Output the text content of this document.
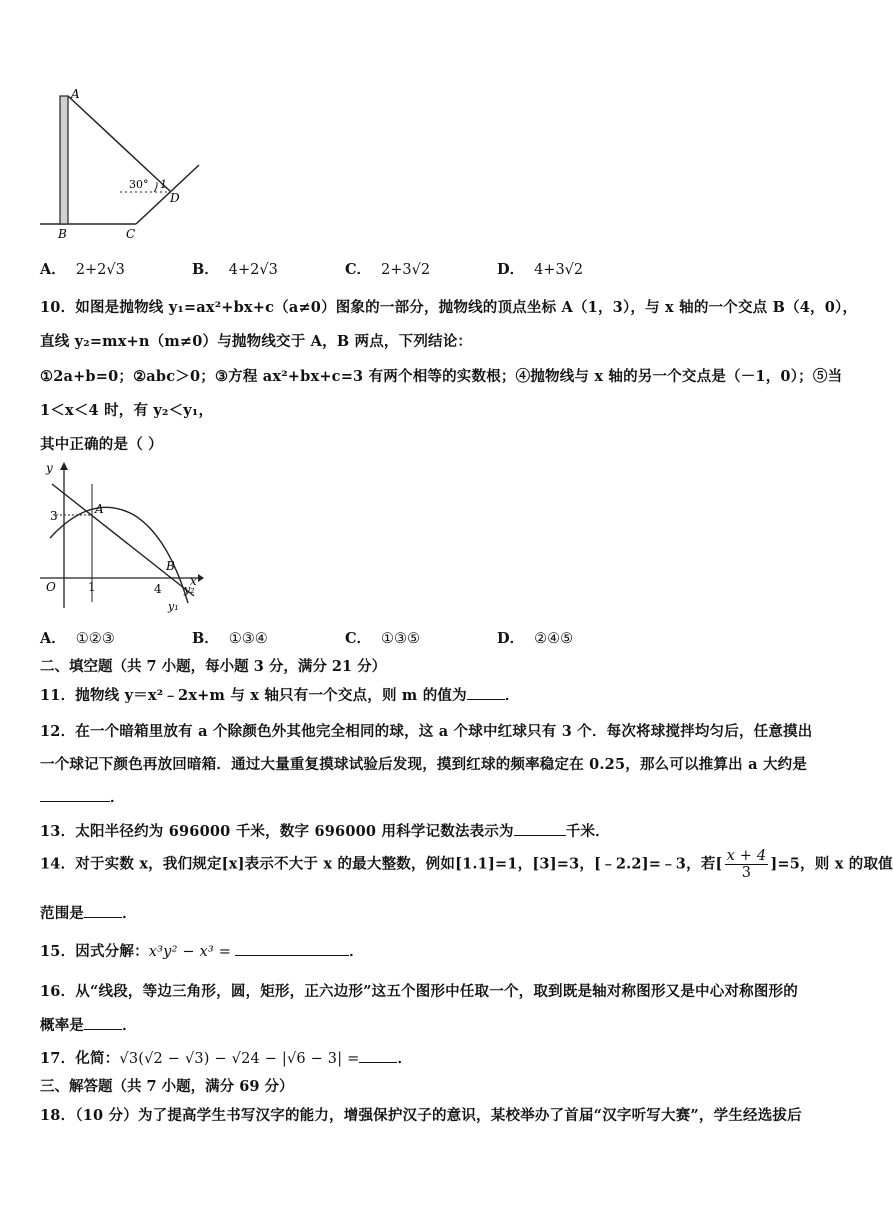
A
B	C
D
30° 1
A． 2+2√3	B． 4+2√3	C． 2+3√2	D． 4+3√2
10．如图是抛物线 y₁=ax²+bx+c（a≠0）图象的一部分，抛物线的顶点坐标 A（1，3），与 x 轴的一个交点 B（4，0），
直线 y₂=mx+n（m≠0）与抛物线交于 A，B 两点，下列结论：
①2a+b=0；②abc＞0；③方程 ax²+bx+c=3 有两个相等的实数根；④抛物线与 x 轴的另一个交点是（－1，0）；⑤当
1＜x＜4 时，有 y₂＜y₁，
其中正确的是（ ）
y
x
O	1	4
3	A
B
y₁
y₂
A． ①②③	B． ①③④	C． ①③⑤	D． ②④⑤
二、填空题（共 7 小题，每小题 3 分，满分 21 分）
11．抛物线 y＝x²﹣2x+m 与 x 轴只有一个交点，则 m 的值为	．
12．在一个暗箱里放有 a 个除颜色外其他完全相同的球，这 a 个球中红球只有 3 个．每次将球搅拌均匀后，任意摸出
一个球记下颜色再放回暗箱．通过大量重复摸球试验后发现，摸到红球的频率稳定在 0.25，那么可以推算出 a 大约是
．
13．太阳半径约为 696000 千米，数字 696000 用科学记数法表示为	千米．
14．对于实数 x，我们规定[x]表示不大于 x 的最大整数，例如[1.1]=1，[3]=3，[﹣2.2]=﹣3，若[ $\frac{x + 4}{3} ]=5$，则 x 的取值
范围是	．
15．因式分解：x³y² − x³ =	．
16．从“线段，等边三角形，圆，矩形，正六边形”这五个图形中任取一个，取到既是轴对称图形又是中心对称图形的
概率是	．
17．化简：√3(√2 − √3) − √24 − |√6 − 3| =	．
三、解答题（共 7 小题，满分 69 分）
18．（10 分）为了提高学生书写汉字的能力，增强保护汉子的意识，某校举办了首届“汉字听写大赛”，学生经选拔后
